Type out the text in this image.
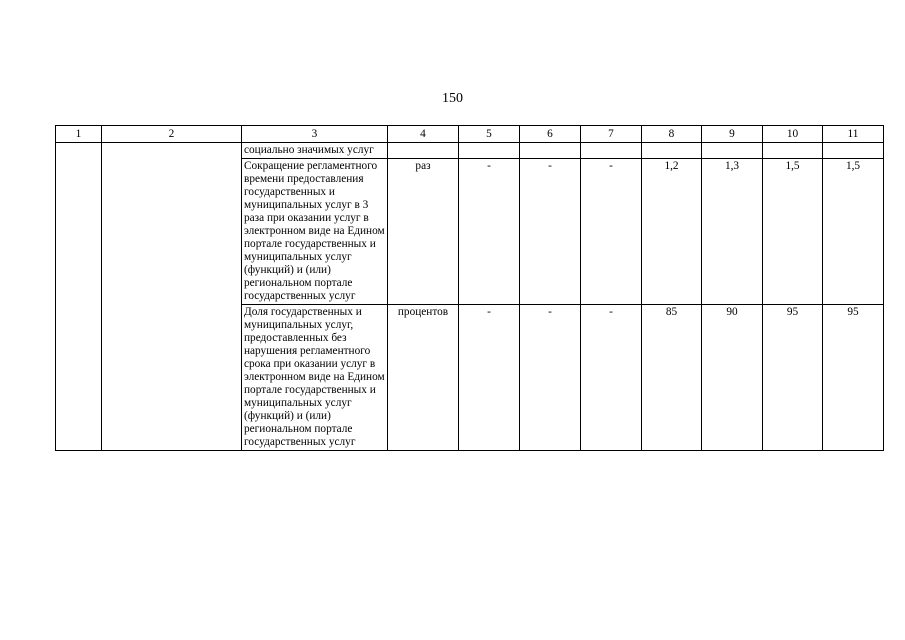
150
1	2	3	4	5	6	7	8	9	10	11
		социально значимых услуг								
		Сокращение регламентного времени предоставления государственных и муниципальных услуг в 3 раза при оказании услуг в электронном виде на Едином портале государственных и муниципальных услуг (функций) и (или) региональном портале государственных услуг	раз	-	-	-	1,2	1,3	1,5	1,5
		Доля государственных и муниципальных услуг, предоставленных без нарушения регламентного срока при оказании услуг в электронном виде на Едином портале государственных и муниципальных услуг (функций) и (или) региональном портале государственных услуг	процентов	-	-	-	85	90	95	95
